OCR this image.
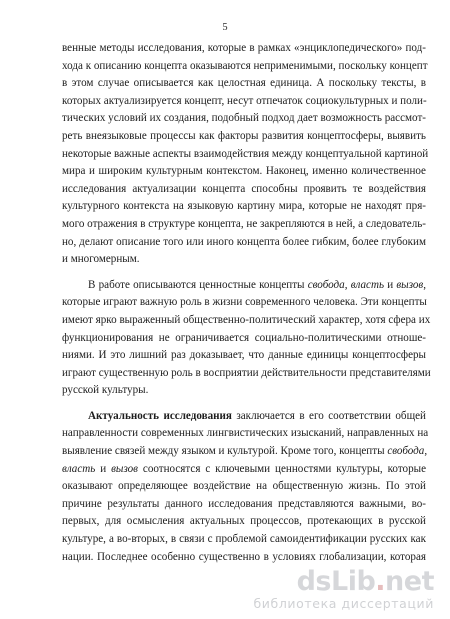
5
венные методы исследования, которые в рамках «энциклопедического» под-
хода к описанию концепта оказываются неприменимыми, поскольку концепт
в этом случае описывается как целостная единица. А поскольку тексты, в
которых актуализируется концепт, несут отпечаток социокультурных и поли-
тических условий их создания, подобный подход дает возможность рассмот-
реть внеязыковые процессы как факторы развития концептосферы, выявить
некоторые важные аспекты взаимодействия между концептуальной картиной
мира и широким культурным контекстом. Наконец, именно количественное
исследования актуализации концепта способны проявить те воздействия
культурного контекста на языковую картину мира, которые не находят пря-
мого отражения в структуре концепта, не закрепляются в ней, а следователь-
но, делают описание того или иного концепта более гибким, более глубоким
и многомерным.
В работе описываются ценностные концепты свобода, власть и вызов,
которые играют важную роль в жизни современного человека. Эти концепты
имеют ярко выраженный общественно-политический характер, хотя сфера их
функционирования не ограничивается социально-политическими отноше-
ниями. И это лишний раз доказывает, что данные единицы концептосферы
играют существенную роль в восприятии действительности представителями
русской культуры.
Актуальность исследования заключается в его соответствии общей
направленности современных лингвистических изысканий, направленных на
выявление связей между языком и культурой. Кроме того, концепты свобода,
власть и вызов соотносятся с ключевыми ценностями культуры, которые
оказывают определяющее воздействие на общественную жизнь. По этой
причине результаты данного исследования представляются важными, во-
первых, для осмысления актуальных процессов, протекающих в русской
культуре, а во-вторых, в связи с проблемой самоидентификации русских как
нации. Последнее особенно существенно в условиях глобализации, которая
dsLib.net
библиотека диссертаций
